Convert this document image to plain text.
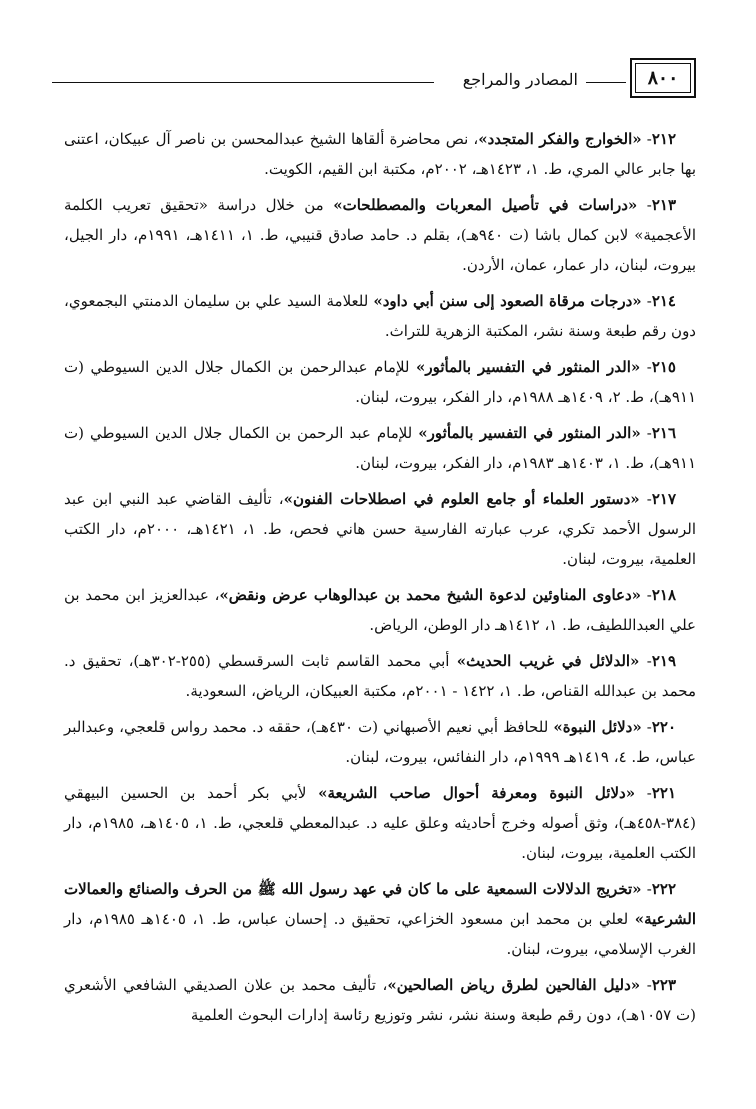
٨٠٠
المصادر والمراجع

٢١٢- «الخوارج والفكر المتجدد»، نص محاضرة ألقاها الشيخ عبدالمحسن بن ناصر آل عبيكان، اعتنى بها جابر عالي المري، ط. ١، ١٤٢٣هـ، ٢٠٠٢م، مكتبة ابن القيم، الكويت.

٢١٣- «دراسات في تأصيل المعربات والمصطلحات» من خلال دراسة «تحقيق تعريب الكلمة الأعجمية» لابن كمال باشا (ت ٩٤٠هـ)، بقلم د. حامد صادق قنيبي، ط. ١، ١٤١١هـ، ١٩٩١م، دار الجيل، بيروت، لبنان، دار عمار، عمان، الأردن.

٢١٤- «درجات مرقاة الصعود إلى سنن أبي داود» للعلامة السيد علي بن سليمان الدمنتي البجمعوي، دون رقم طبعة وسنة نشر، المكتبة الزهرية للتراث.

٢١٥- «الدر المنثور في التفسير بالمأثور» للإمام عبدالرحمن بن الكمال جلال الدين السيوطي (ت ٩١١هـ)، ط. ٢، ١٤٠٩هـ ١٩٨٨م، دار الفكر، بيروت، لبنان.

٢١٦- «الدر المنثور في التفسير بالمأثور» للإمام عبد الرحمن بن الكمال جلال الدين السيوطي (ت ٩١١هـ)، ط. ١، ١٤٠٣هـ ١٩٨٣م، دار الفكر، بيروت، لبنان.

٢١٧- «دستور العلماء أو جامع العلوم في اصطلاحات الفنون»، تأليف القاضي عبد النبي ابن عبد الرسول الأحمد تكري، عرب عبارته الفارسية حسن هاني فحص، ط. ١، ١٤٢١هـ، ٢٠٠٠م، دار الكتب العلمية، بيروت، لبنان.

٢١٨- «دعاوى المناوئين لدعوة الشيخ محمد بن عبدالوهاب عرض ونقض»، عبدالعزيز ابن محمد بن علي العبداللطيف، ط. ١، ١٤١٢هـ دار الوطن، الرياض.

٢١٩- «الدلائل في غريب الحديث» أبي محمد القاسم ثابت السرقسطي (٢٥٥-٣٠٢هـ)، تحقيق د. محمد بن عبدالله القناص، ط. ١، ١٤٢٢ - ٢٠٠١م، مكتبة العبيكان، الرياض، السعودية.

٢٢٠- «دلائل النبوة» للحافظ أبي نعيم الأصبهاني (ت ٤٣٠هـ)، حققه د. محمد رواس قلعجي، وعبدالبر عباس، ط. ٤، ١٤١٩هـ ١٩٩٩م، دار النفائس، بيروت، لبنان.

٢٢١- «دلائل النبوة ومعرفة أحوال صاحب الشريعة» لأبي بكر أحمد بن الحسين البيهقي (٣٨٤-٤٥٨هـ)، وثق أصوله وخرج أحاديثه وعلق عليه د. عبدالمعطي قلعجي، ط. ١، ١٤٠٥هـ، ١٩٨٥م، دار الكتب العلمية، بيروت، لبنان.

٢٢٢- «تخريج الدلالات السمعية على ما كان في عهد رسول الله ﷺ من الحرف والصنائع والعمالات الشرعية» لعلي بن محمد ابن مسعود الخزاعي، تحقيق د. إحسان عباس، ط. ١، ١٤٠٥هـ ١٩٨٥م، دار الغرب الإسلامي، بيروت، لبنان.

٢٢٣- «دليل الفالحين لطرق رياض الصالحين»، تأليف محمد بن علان الصديقي الشافعي الأشعري (ت ١٠٥٧هـ)، دون رقم طبعة وسنة نشر، نشر وتوزيع رئاسة إدارات البحوث العلمية
